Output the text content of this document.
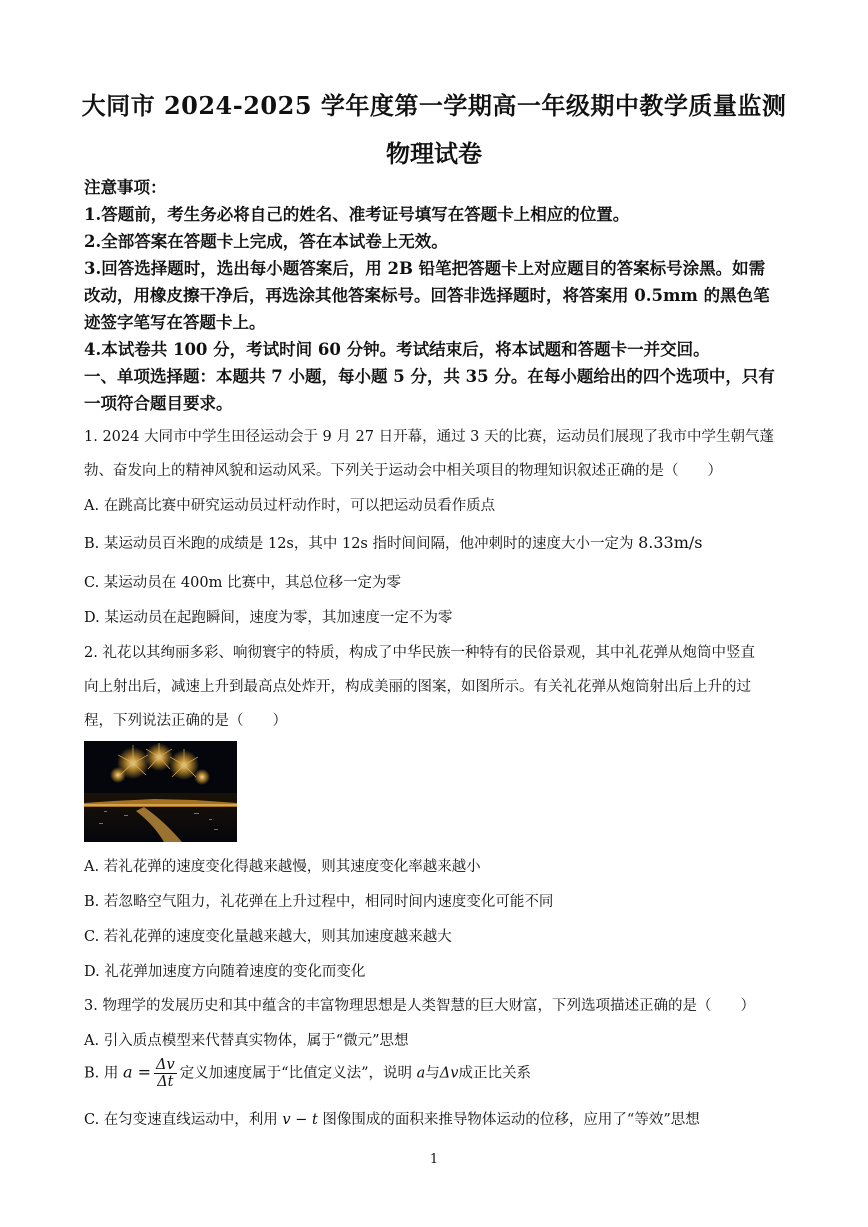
大同市 2024-2025 学年度第一学期高一年级期中教学质量监测
物理试卷
注意事项：
1.答题前，考生务必将自己的姓名、准考证号填写在答题卡上相应的位置。
2.全部答案在答题卡上完成，答在本试卷上无效。
3.回答选择题时，选出每小题答案后，用 2B 铅笔把答题卡上对应题目的答案标号涂黑。如需
改动，用橡皮擦干净后，再选涂其他答案标号。回答非选择题时，将答案用 0.5mm 的黑色笔
迹签字笔写在答题卡上。
4.本试卷共 100 分，考试时间 60 分钟。考试结束后，将本试题和答题卡一并交回。
一、单项选择题：本题共 7 小题，每小题 5 分，共 35 分。在每小题给出的四个选项中，只有
一项符合题目要求。
1. 2024 大同市中学生田径运动会于 9 月 27 日开幕，通过 3 天的比赛，运动员们展现了我市中学生朝气蓬
勃、奋发向上的精神风貌和运动风采。下列关于运动会中相关项目的物理知识叙述正确的是（　　）
A. 在跳高比赛中研究运动员过杆动作时，可以把运动员看作质点
B. 某运动员百米跑的成绩是 12s，其中 12s 指时间间隔，他冲刺时的速度大小一定为 8.33m/s
C. 某运动员在 400m 比赛中，其总位移一定为零
D. 某运动员在起跑瞬间，速度为零，其加速度一定不为零
2. 礼花以其绚丽多彩、响彻寰宇的特质，构成了中华民族一种特有的民俗景观，其中礼花弹从炮筒中竖直
向上射出后，减速上升到最高点处炸开，构成美丽的图案，如图所示。有关礼花弹从炮筒射出后上升的过
程，下列说法正确的是（　　）
A. 若礼花弹的速度变化得越来越慢，则其速度变化率越来越小
B. 若忽略空气阻力，礼花弹在上升过程中，相同时间内速度变化可能不同
C. 若礼花弹的速度变化量越来越大，则其加速度越来越大
D. 礼花弹加速度方向随着速度的变化而变化
3. 物理学的发展历史和其中蕴含的丰富物理思想是人类智慧的巨大财富，下列选项描述正确的是（　　）
A. 引入质点模型来代替真实物体，属于“微元”思想
B. 用 $a = \frac{\Delta v}{\Delta t}$ 定义加速度属于“比值定义法”，说明 a与Δv成正比关系
C. 在匀变速直线运动中，利用 v − t 图像围成的面积来推导物体运动的位移，应用了“等效”思想
1
